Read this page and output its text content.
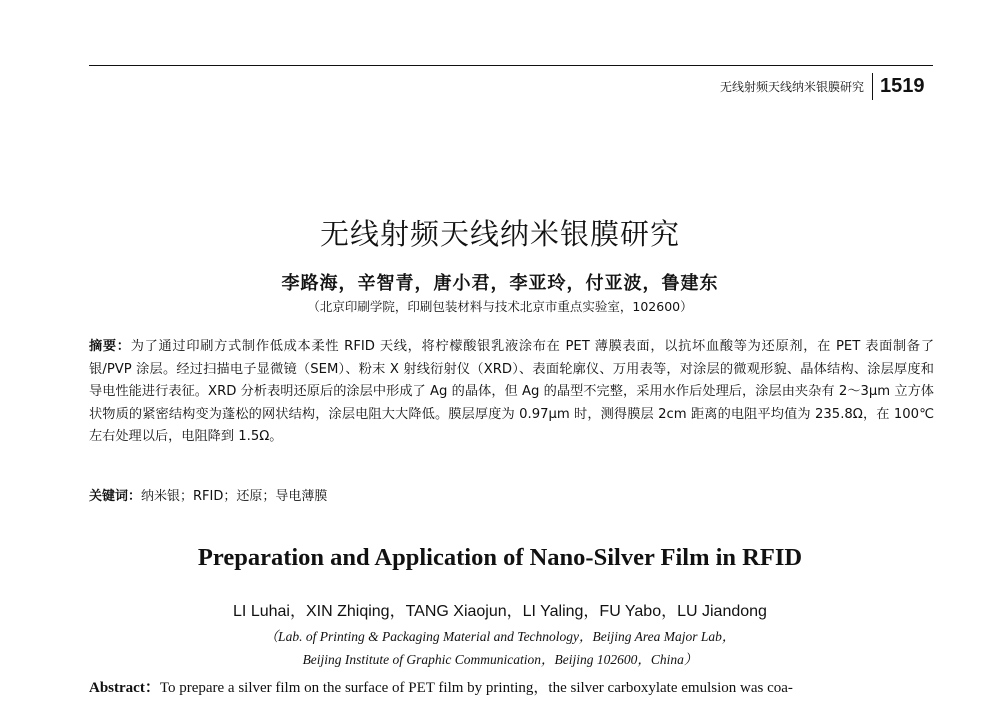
无线射频天线纳米银膜研究 1519
无线射频天线纳米银膜研究
李路海，辛智青，唐小君，李亚玲，付亚波，鲁建东
（北京印刷学院，印刷包装材料与技术北京市重点实验室，102600）

摘要：为了通过印刷方式制作低成本柔性 RFID 天线，将柠檬酸银乳液涂布在 PET 薄膜表面，以抗坏血酸等为还原剂，在 PET 表面制备了银/PVP 涂层。经过扫描电子显微镜（SEM）、粉末 X 射线衍射仪（XRD）、表面轮廓仪、万用表等，对涂层的微观形貌、晶体结构、涂层厚度和导电性能进行表征。XRD 分析表明还原后的涂层中形成了 Ag 的晶体，但 Ag 的晶型不完整，采用水作后处理后，涂层由夹杂有 2～3μm 立方体状物质的紧密结构变为蓬松的网状结构，涂层电阻大大降低。膜层厚度为 0.97μm 时，测得膜层 2cm 距离的电阻平均值为 235.8Ω，在 100℃左右处理以后，电阻降到 1.5Ω。

关键词：纳米银；RFID；还原；导电薄膜

Preparation and Application of Nano-Silver Film in RFID
LI Luhai，XIN Zhiqing，TANG Xiaojun，LI Yaling，FU Yabo，LU Jiandong
（Lab. of Printing & Packaging Material and Technology，Beijing Area Major Lab，
Beijing Institute of Graphic Communication，Beijing 102600，China）

Abstract：To prepare a silver film on the surface of PET film by printing，the silver carboxylate emulsion was coa-
